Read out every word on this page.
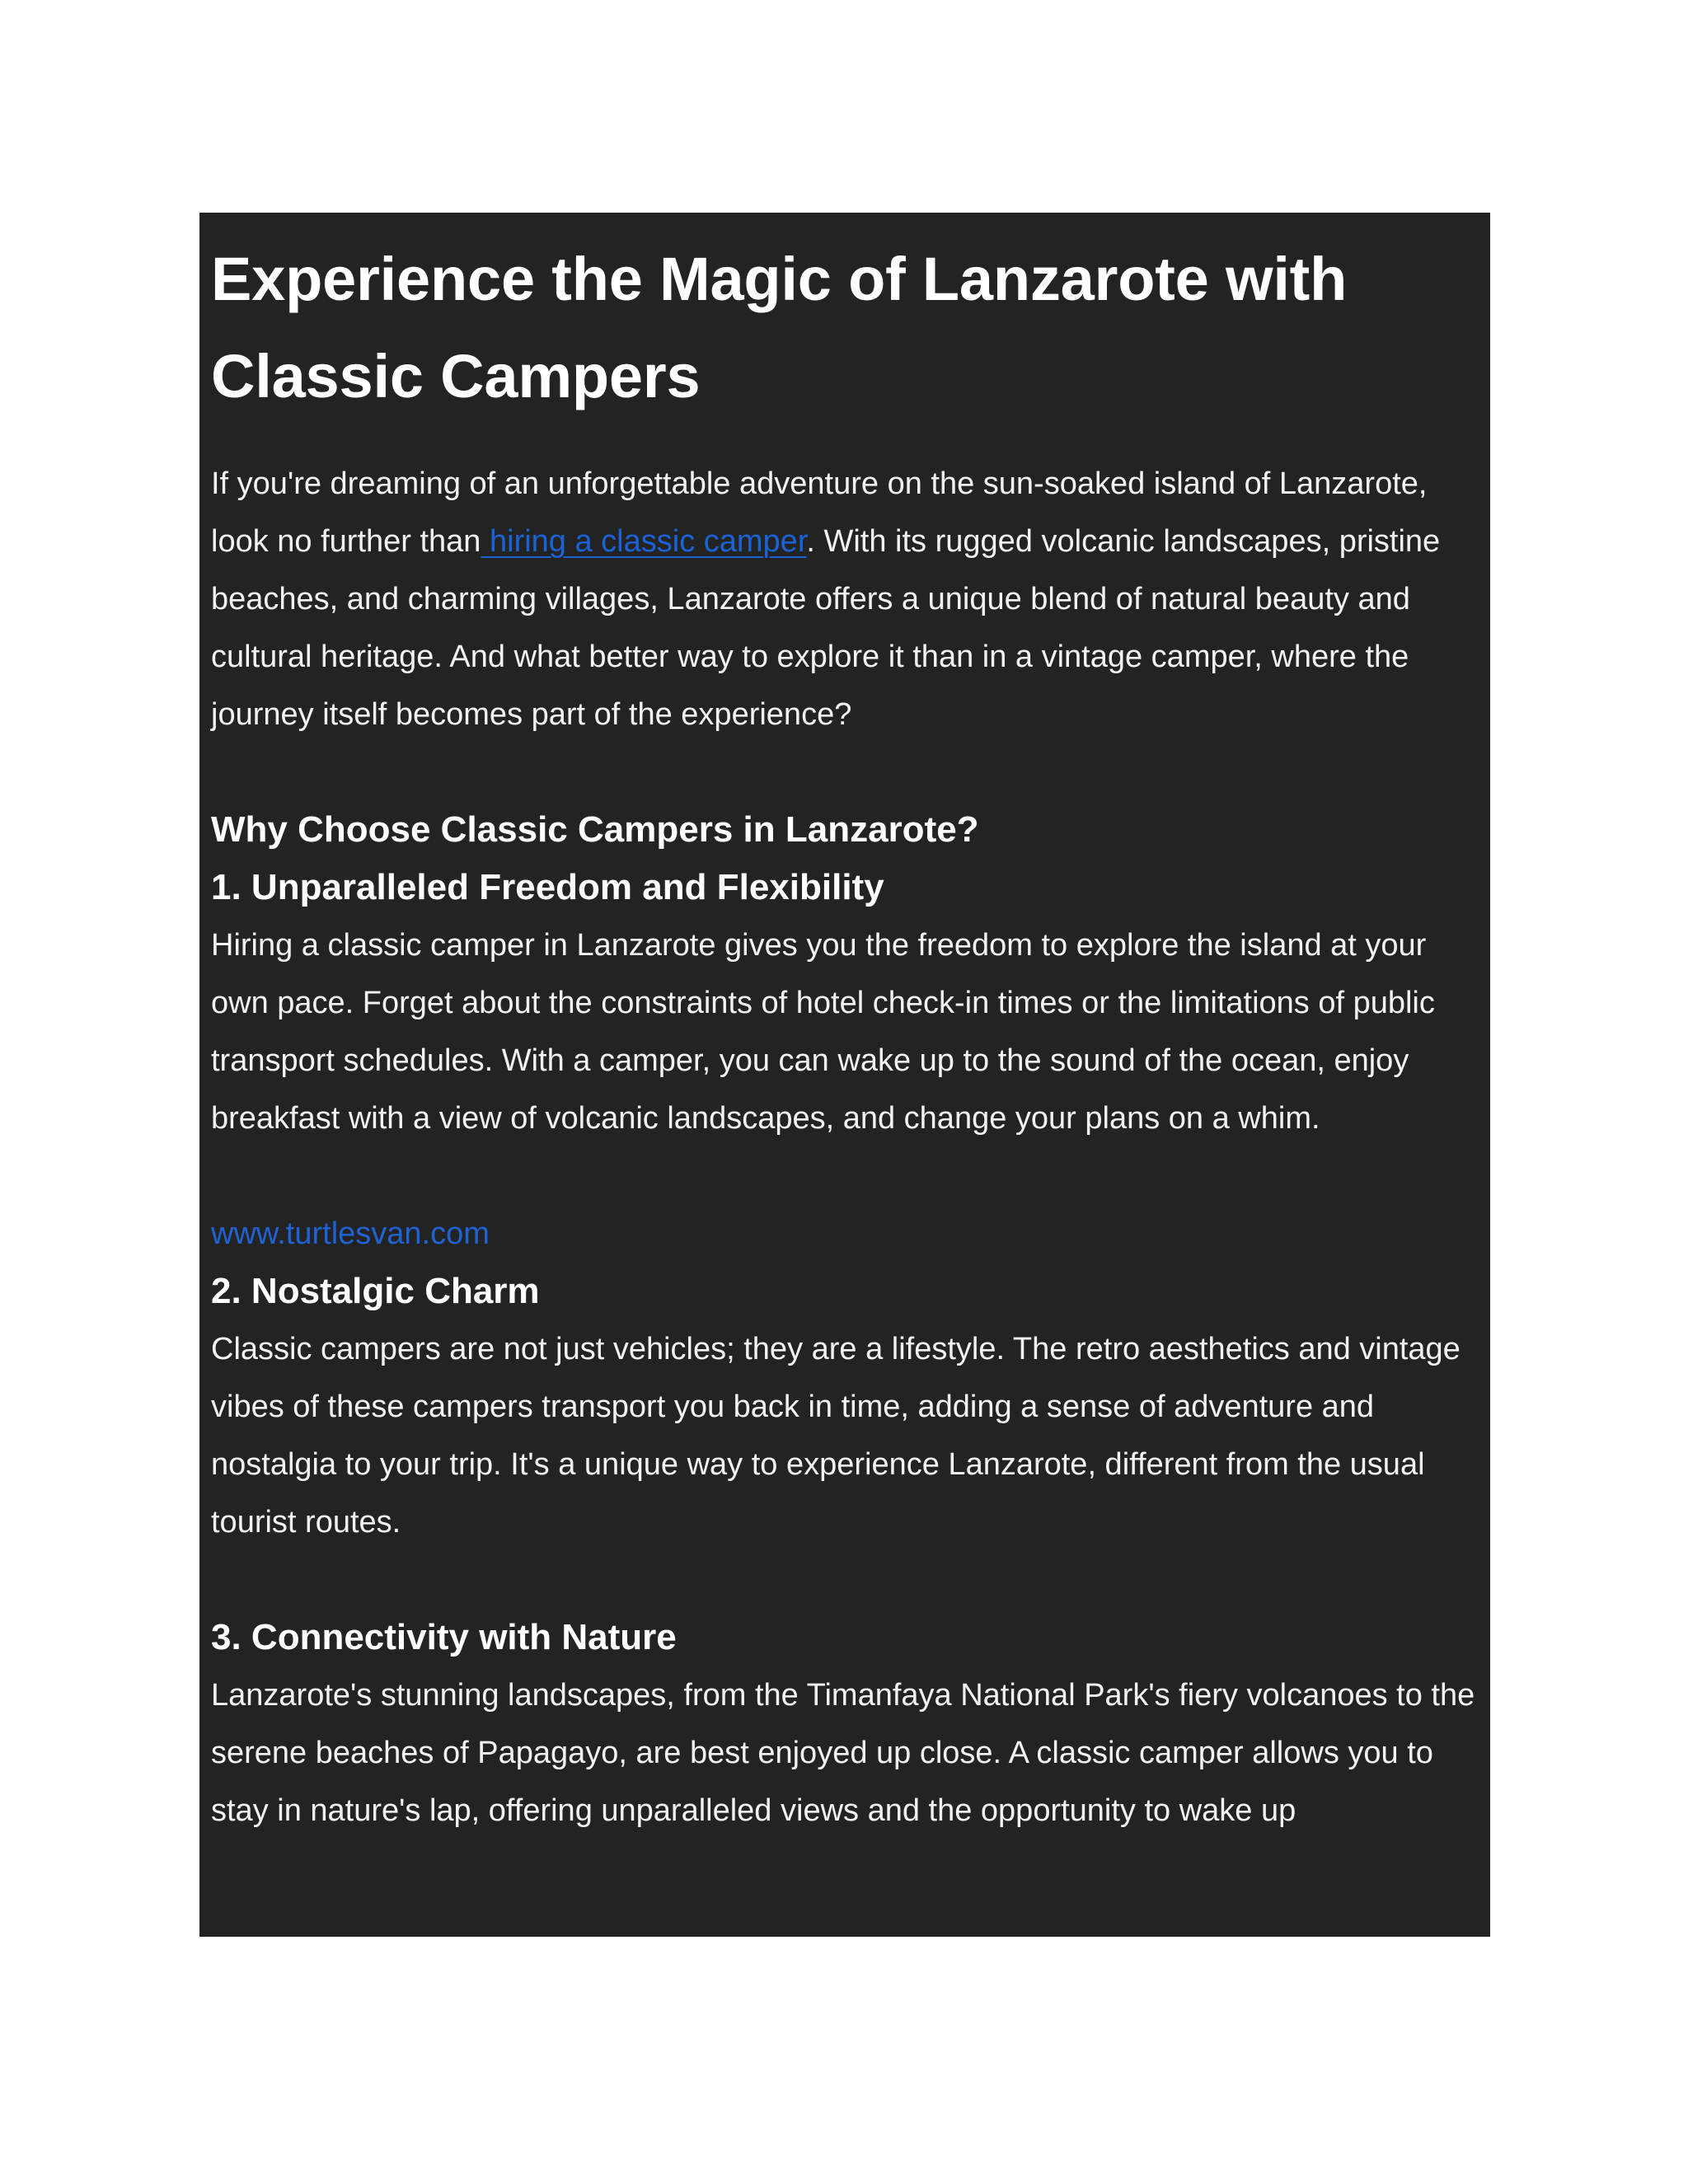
Experience the Magic of Lanzarote with Classic Campers

If you're dreaming of an unforgettable adventure on the sun-soaked island of Lanzarote, look no further than hiring a classic camper. With its rugged volcanic landscapes, pristine beaches, and charming villages, Lanzarote offers a unique blend of natural beauty and cultural heritage. And what better way to explore it than in a vintage camper, where the journey itself becomes part of the experience?

Why Choose Classic Campers in Lanzarote?
1. Unparalleled Freedom and Flexibility

Hiring a classic camper in Lanzarote gives you the freedom to explore the island at your own pace. Forget about the constraints of hotel check-in times or the limitations of public transport schedules. With a camper, you can wake up to the sound of the ocean, enjoy breakfast with a view of volcanic landscapes, and change your plans on a whim.

www.turtlesvan.com

2. Nostalgic Charm

Classic campers are not just vehicles; they are a lifestyle. The retro aesthetics and vintage vibes of these campers transport you back in time, adding a sense of adventure and nostalgia to your trip. It's a unique way to experience Lanzarote, different from the usual tourist routes.

3. Connectivity with Nature

Lanzarote's stunning landscapes, from the Timanfaya National Park's fiery volcanoes to the serene beaches of Papagayo, are best enjoyed up close. A classic camper allows you to stay in nature's lap, offering unparalleled views and the opportunity to wake up
